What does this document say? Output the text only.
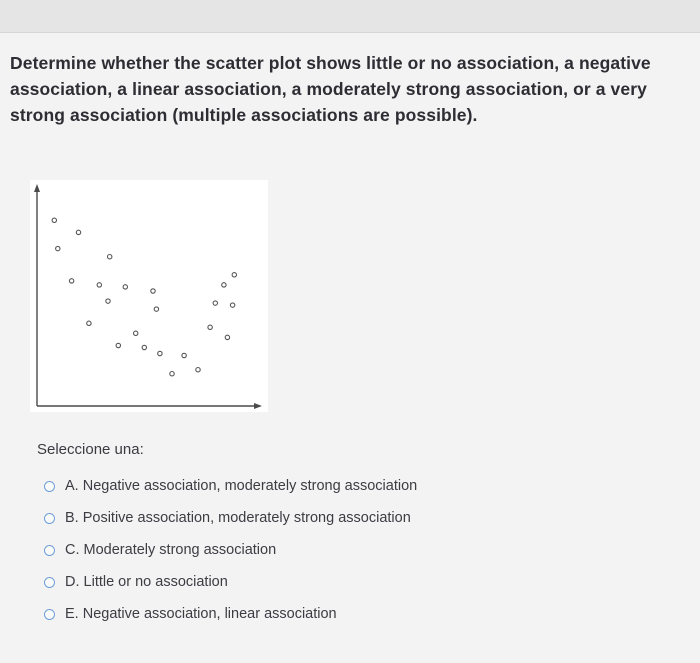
Determine whether the scatter plot shows little or no association, a negative association, a linear association, a moderately strong association, or a very strong association (multiple associations are possible).
Seleccione una:
A. Negative association, moderately strong association
B. Positive association, moderately strong association
C. Moderately strong association
D. Little or no association
E. Negative association, linear association
